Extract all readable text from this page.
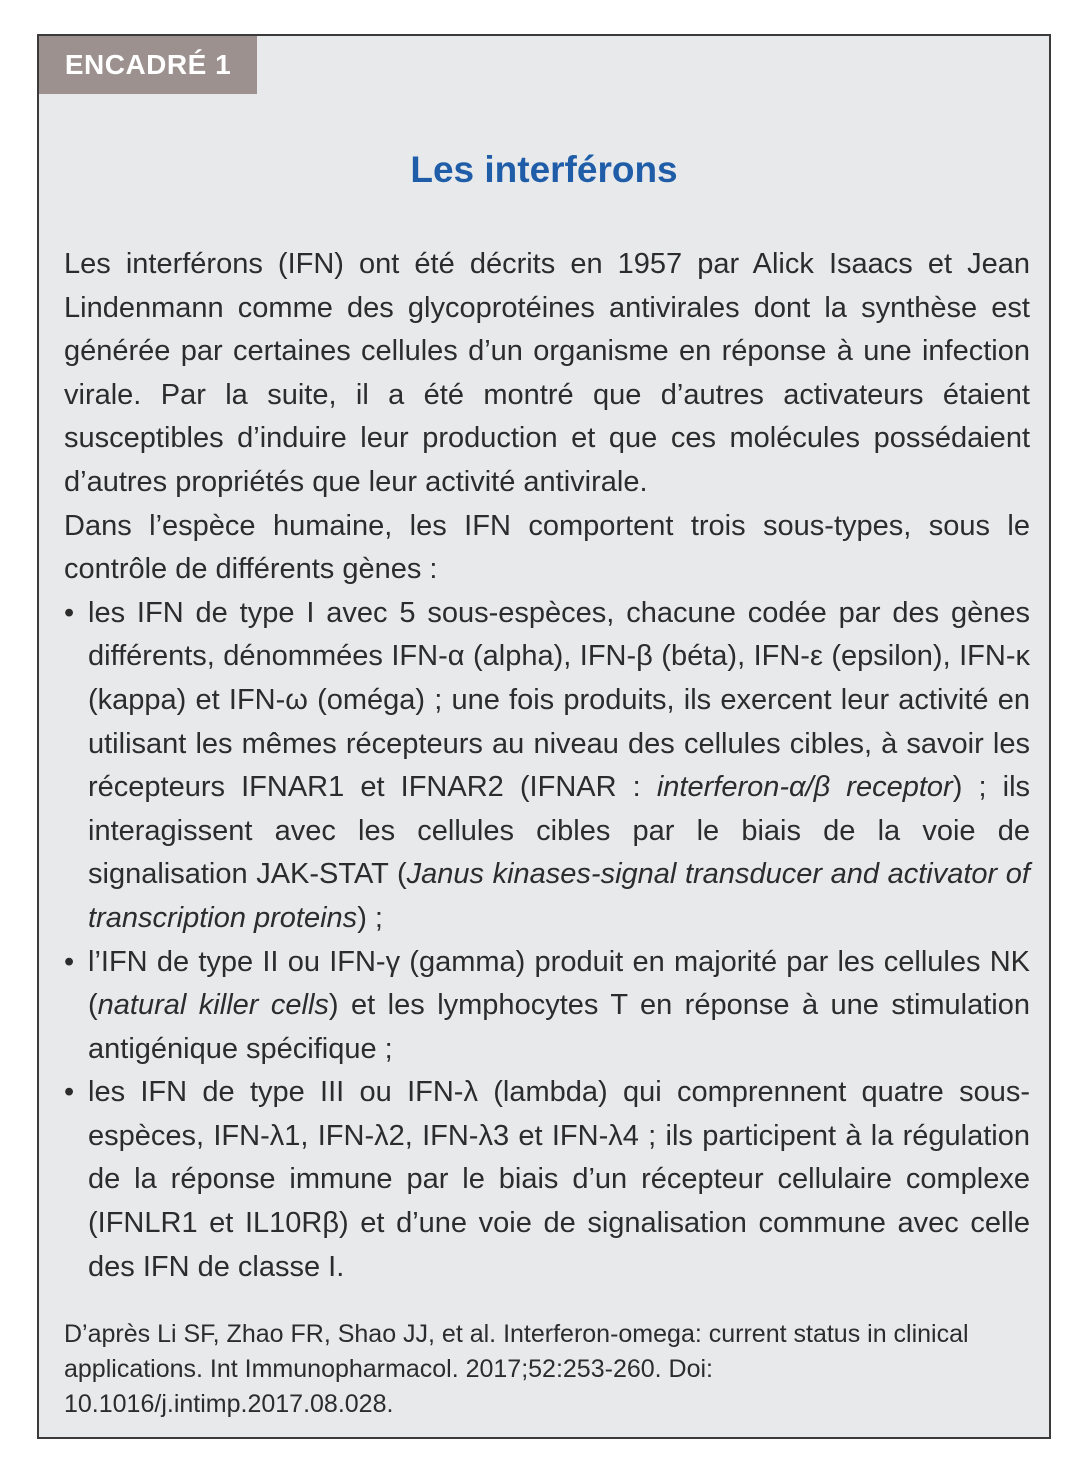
ENCADRÉ 1
Les interférons

Les interférons (IFN) ont été décrits en 1957 par Alick Isaacs et Jean Lindenmann comme des glycoprotéines antivirales dont la synthèse est générée par certaines cellules d’un organisme en réponse à une infection virale. Par la suite, il a été montré que d’autres activateurs étaient susceptibles d’induire leur production et que ces molécules possédaient d’autres propriétés que leur activité antivirale.

Dans l’espèce humaine, les IFN comportent trois sous-types, sous le contrôle de différents gènes :

• les IFN de type I avec 5 sous-espèces, chacune codée par des gènes différents, dénommées IFN-α (alpha), IFN-β (béta), IFN-ε (epsilon), IFN-κ (kappa) et IFN-ω (oméga) ; une fois produits, ils exercent leur activité en utilisant les mêmes récepteurs au niveau des cellules cibles, à savoir les récepteurs IFNAR1 et IFNAR2 (IFNAR : interferon-α/β receptor) ; ils interagissent avec les cellules cibles par le biais de la voie de signalisation JAK-STAT (Janus kinases-signal transducer and activator of transcription proteins) ;
• l’IFN de type II ou IFN-γ (gamma) produit en majorité par les cellules NK (natural killer cells) et les lymphocytes T en réponse à une stimulation antigénique spécifique ;
• les IFN de type III ou IFN-λ (lambda) qui comprennent quatre sous-espèces, IFN-λ1, IFN-λ2, IFN-λ3 et IFN-λ4 ; ils participent à la régulation de la réponse immune par le biais d’un récepteur cellulaire complexe (IFNLR1 et IL10Rβ) et d’une voie de signalisation commune avec celle des IFN de classe I.
D’après Li SF, Zhao FR, Shao JJ, et al. Interferon-omega: current status in clinical applications. Int Immunopharmacol. 2017;52:253-260. Doi: 10.1016/j.intimp.2017.08.028.
